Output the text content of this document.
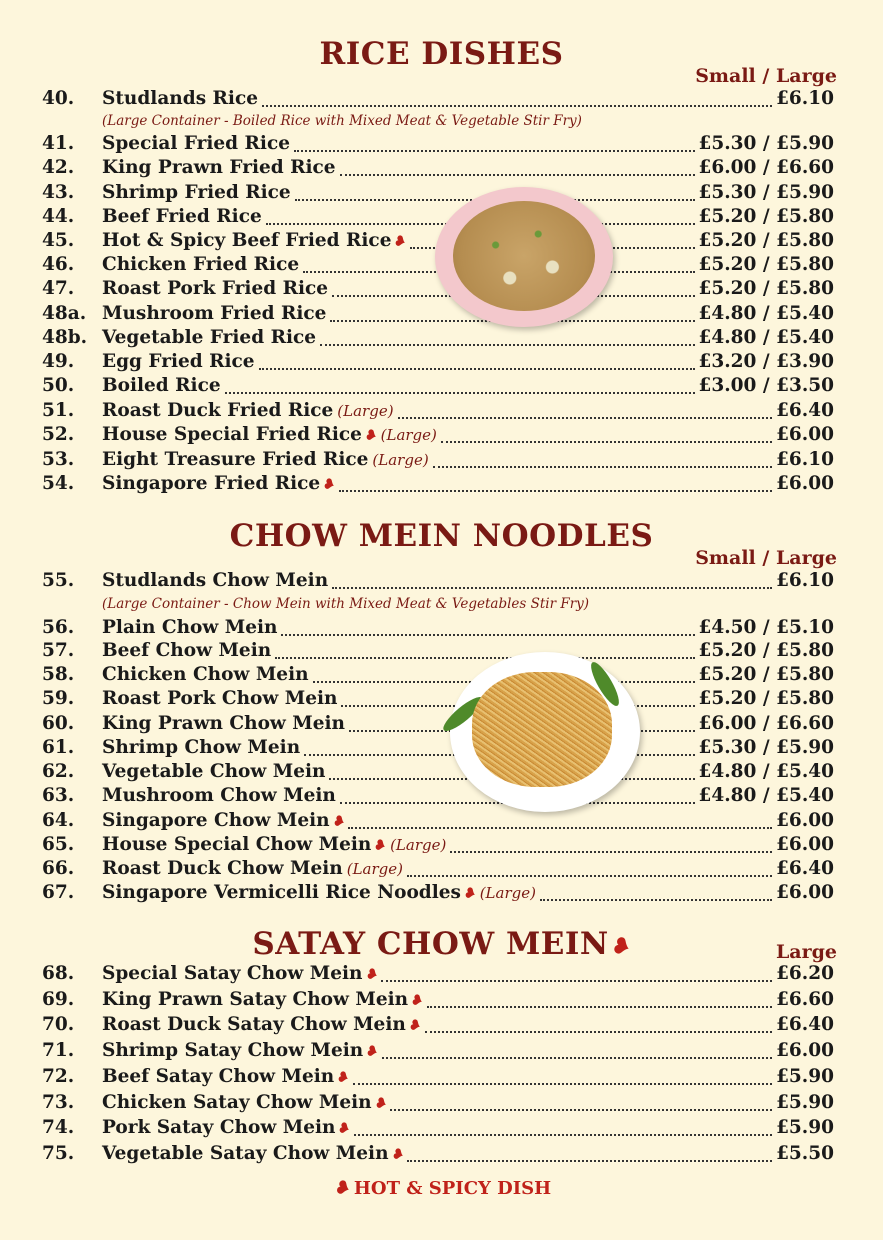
RICE DISHES
Small / Large
40.	Studlands Rice	£6.10
41.	Special Fried Rice	£5.30 / £5.90
42.	King Prawn Fried Rice	£6.00 / £6.60
43.	Shrimp Fried Rice	£5.30 / £5.90
44.	Beef Fried Rice	£5.20 / £5.80
45.	Hot & Spicy Beef Fried Rice ❥	£5.20 / £5.80
46.	Chicken Fried Rice	£5.20 / £5.80
47.	Roast Pork Fried Rice	£5.20 / £5.80
48a. Mushroom Fried Rice	£4.80 / £5.40
48b. Vegetable Fried Rice	£4.80 / £5.40
49.	Egg Fried Rice	£3.20 / £3.90
50.	Boiled Rice	£3.00 / £3.50
51.	Roast Duck Fried Rice (Large)	£6.40
52.	House Special Fried Rice ❥ (Large)	£6.00
53.	Eight Treasure Fried Rice (Large)	£6.10
54.	Singapore Fried Rice ❥	£6.00
(Large Container - Boiled Rice with Mixed Meat & Vegetable Stir Fry)
CHOW MEIN NOODLES
Small / Large
55.	Studlands Chow Mein	£6.10
56.	Plain Chow Mein	£4.50 / £5.10
57.	Beef Chow Mein	£5.20 / £5.80
58.	Chicken Chow Mein	£5.20 / £5.80
59.	Roast Pork Chow Mein	£5.20 / £5.80
60.	King Prawn Chow Mein	£6.00 / £6.60
61.	Shrimp Chow Mein	£5.30 / £5.90
62.	Vegetable Chow Mein	£4.80 / £5.40
63.	Mushroom Chow Mein	£4.80 / £5.40
64.	Singapore Chow Mein ❥	£6.00
65.	House Special Chow Mein ❥ (Large)	£6.00
66.	Roast Duck Chow Mein (Large)	£6.40
67.	Singapore Vermicelli Rice Noodles ❥ (Large)	£6.00
(Large Container - Chow Mein with Mixed Meat & Vegetables Stir Fry)
SATAY CHOW MEIN❥	Large
68.	Special Satay Chow Mein ❥	£6.20
69.	King Prawn Satay Chow Mein ❥	£6.60
70.	Roast Duck Satay Chow Mein ❥	£6.40
71.	Shrimp Satay Chow Mein ❥	£6.00
72.	Beef Satay Chow Mein ❥	£5.90
73.	Chicken Satay Chow Mein ❥	£5.90
74.	Pork Satay Chow Mein ❥	£5.90
75.	Vegetable Satay Chow Mein ❥	£5.50
❥HOT & SPICY DISH
